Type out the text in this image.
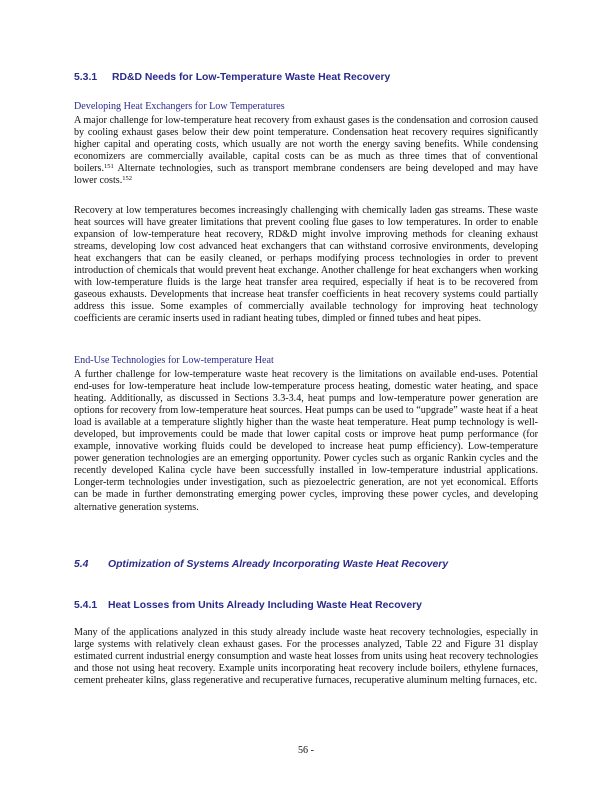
5.3.1 RD&D Needs for Low-Temperature Waste Heat Recovery

Developing Heat Exchangers for Low Temperatures

A major challenge for low-temperature heat recovery from exhaust gases is the condensation and corrosion caused by cooling exhaust gases below their dew point temperature. Condensation heat recovery requires significantly higher capital and operating costs, which usually are not worth the energy saving benefits. While condensing economizers are commercially available, capital costs can be as much as three times that of conventional boilers.$^{151}$ Alternate technologies, such as transport membrane condensers are being developed and may have lower costs.$^{152}$

Recovery at low temperatures becomes increasingly challenging with chemically laden gas streams. These waste heat sources will have greater limitations that prevent cooling flue gases to low temperatures. In order to enable expansion of low-temperature heat recovery, RD&D might involve improving methods for cleaning exhaust streams, developing low cost advanced heat exchangers that can withstand corrosive environments, developing heat exchangers that can be easily cleaned, or perhaps modifying process technologies in order to prevent introduction of chemicals that would prevent heat exchange. Another challenge for heat exchangers when working with low-temperature fluids is the large heat transfer area required, especially if heat is to be recovered from gaseous exhausts. Developments that increase heat transfer coefficients in heat recovery systems could partially address this issue. Some examples of commercially available technology for improving heat technology coefficients are ceramic inserts used in radiant heating tubes, dimpled or finned tubes and heat pipes.

End-Use Technologies for Low-temperature Heat

A further challenge for low-temperature waste heat recovery is the limitations on available end-uses. Potential end-uses for low-temperature heat include low-temperature process heating, domestic water heating, and space heating. Additionally, as discussed in Sections 3.3-3.4, heat pumps and low-temperature power generation are options for recovery from low-temperature heat sources. Heat pumps can be used to “upgrade” waste heat if a heat load is available at a temperature slightly higher than the waste heat temperature. Heat pump technology is well-developed, but improvements could be made that lower capital costs or improve heat pump performance (for example, innovative working fluids could be developed to increase heat pump efficiency). Low-temperature power generation technologies are an emerging opportunity. Power cycles such as organic Rankin cycles and the recently developed Kalina cycle have been successfully installed in low-temperature industrial applications. Longer-term technologies under investigation, such as piezoelectric generation, are not yet economical. Efforts can be made in further demonstrating emerging power cycles, improving these power cycles, and developing alternative generation systems.

5.4 Optimization of Systems Already Incorporating Waste Heat Recovery
5.4.1 Heat Losses from Units Already Including Waste Heat Recovery

Many of the applications analyzed in this study already include waste heat recovery technologies, especially in large systems with relatively clean exhaust gases. For the processes analyzed, Table 22 and Figure 31 display estimated current industrial energy consumption and waste heat losses from units using heat recovery technologies and those not using heat recovery. Example units incorporating heat recovery include boilers, ethylene furnaces, cement preheater kilns, glass regenerative and recuperative furnaces, recuperative aluminum melting furnaces, etc.

56 -
